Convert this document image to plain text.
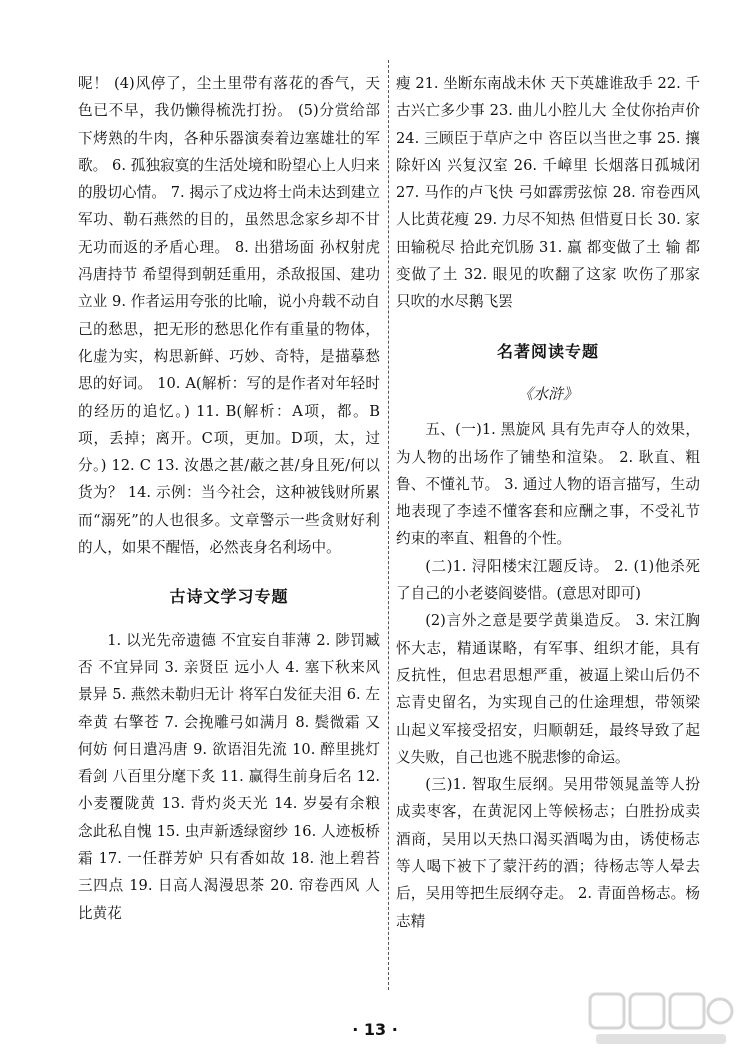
呢！ (4)风停了，尘土里带有落花的香气，天色已不早，我仍懒得梳洗打扮。 (5)分赏给部下烤熟的牛肉，各种乐器演奏着边塞雄壮的军歌。 6. 孤独寂寞的生活处境和盼望心上人归来的殷切心情。 7. 揭示了戍边将士尚未达到建立军功、勒石燕然的目的，虽然思念家乡却不甘无功而返的矛盾心理。 8. 出猎场面 孙权射虎 冯唐持节 希望得到朝廷重用，杀敌报国、建功立业 9. 作者运用夸张的比喻，说小舟载不动自己的愁思，把无形的愁思化作有重量的物体，化虚为实，构思新鲜、巧妙、奇特，是描摹愁思的好词。 10. A(解析：写的是作者对年轻时的经历的追忆。) 11. B(解析：A项，都。B项，丢掉；离开。C项，更加。D项，太，过分。) 12. C 13. 汝愚之甚/蔽之甚/身且死/何以货为？ 14. 示例：当今社会，这种被钱财所累而“溺死”的人也很多。文章警示一些贪财好利的人，如果不醒悟，必然丧身名利场中。

古诗文学习专题

1. 以光先帝遗德 不宜妄自菲薄 2. 陟罚臧否 不宜异同 3. 亲贤臣 远小人 4. 塞下秋来风景异 5. 燕然未勒归无计 将军白发征夫泪 6. 左牵黄 右擎苍 7. 会挽雕弓如满月 8. 鬓微霜 又何妨 何日遣冯唐 9. 欲语泪先流 10. 醉里挑灯看剑 八百里分麾下炙 11. 赢得生前身后名 12. 小麦覆陇黄 13. 背灼炎天光 14. 岁晏有余粮 念此私自愧 15. 虫声新透绿窗纱 16. 人迹板桥霜 17. 一任群芳妒 只有香如故 18. 池上碧苔三四点 19. 日高人渴漫思茶 20. 帘卷西风 人比黄花

瘦 21. 坐断东南战未休 天下英雄谁敌手 22. 千古兴亡多少事 23. 曲儿小腔儿大 全仗你抬声价 24. 三顾臣于草庐之中 咨臣以当世之事 25. 攘除奸凶 兴复汉室 26. 千嶂里 长烟落日孤城闭 27. 马作的卢飞快 弓如霹雳弦惊 28. 帘卷西风 人比黄花瘦 29. 力尽不知热 但惜夏日长 30. 家田输税尽 拾此充饥肠 31. 羸 都变做了土 输 都变做了土 32. 眼见的吹翻了这家 吹伤了那家 只吹的水尽鹅飞罢

名著阅读专题
《水浒》

五、(一)1. 黑旋风 具有先声夺人的效果，为人物的出场作了铺垫和渲染。 2. 耿直、粗鲁、不懂礼节。 3. 通过人物的语言描写，生动地表现了李逵不懂客套和应酬之事，不受礼节约束的率直、粗鲁的个性。

(二)1. 浔阳楼宋江题反诗。 2. (1)他杀死了自己的小老婆阎婆惜。(意思对即可)

(2)言外之意是要学黄巢造反。 3. 宋江胸怀大志，精通谋略，有军事、组织才能，具有反抗性，但忠君思想严重，被逼上梁山后仍不忘青史留名，为实现自己的仕途理想，带领梁山起义军接受招安，归顺朝廷，最终导致了起义失败，自己也逃不脱悲惨的命运。

(三)1. 智取生辰纲。吴用带领晁盖等人扮成卖枣客，在黄泥冈上等候杨志；白胜扮成卖酒商，吴用以天热口渴买酒喝为由，诱使杨志等人喝下被下了蒙汗药的酒；待杨志等人晕去后，吴用等把生辰纲夺走。 2. 青面兽杨志。杨志精

· 13 ·
